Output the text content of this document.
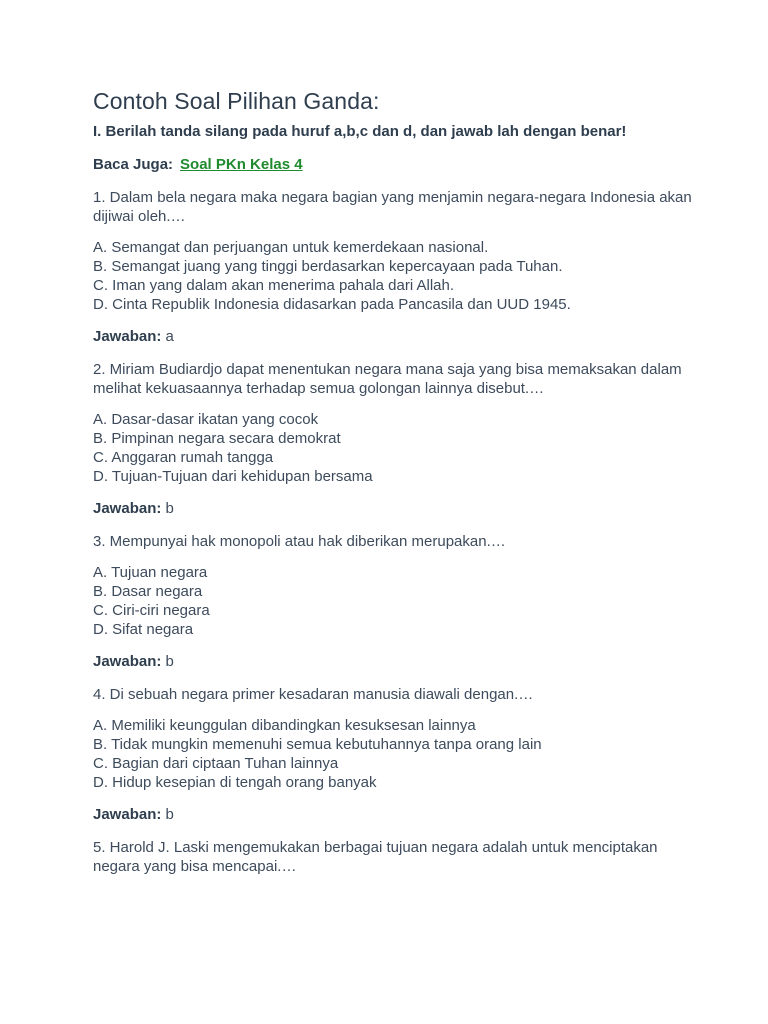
Contoh Soal Pilihan Ganda:
I. Berilah tanda silang pada huruf a,b,c dan d, dan jawab lah dengan benar!
Baca Juga: Soal PKn Kelas 4
1. Dalam bela negara maka negara bagian yang menjamin negara-negara Indonesia akan dijiwai oleh.…
A. Semangat dan perjuangan untuk kemerdekaan nasional.
B. Semangat juang yang tinggi berdasarkan kepercayaan pada Tuhan.
C. Iman yang dalam akan menerima pahala dari Allah.
D. Cinta Republik Indonesia didasarkan pada Pancasila dan UUD 1945.
Jawaban: a
2. Miriam Budiardjo dapat menentukan negara mana saja yang bisa memaksakan dalam melihat kekuasaannya terhadap semua golongan lainnya disebut.…
A. Dasar-dasar ikatan yang cocok
B. Pimpinan negara secara demokrat
C. Anggaran rumah tangga
D. Tujuan-Tujuan dari kehidupan bersama
Jawaban: b
3. Mempunyai hak monopoli atau hak diberikan merupakan.…
A. Tujuan negara
B. Dasar negara
C. Ciri-ciri negara
D. Sifat negara
Jawaban: b
4. Di sebuah negara primer kesadaran manusia diawali dengan.…
A. Memiliki keunggulan dibandingkan kesuksesan lainnya
B. Tidak mungkin memenuhi semua kebutuhannya tanpa orang lain
C. Bagian dari ciptaan Tuhan lainnya
D. Hidup kesepian di tengah orang banyak
Jawaban: b
5. Harold J. Laski mengemukakan berbagai tujuan negara adalah untuk menciptakan negara yang bisa mencapai.…
